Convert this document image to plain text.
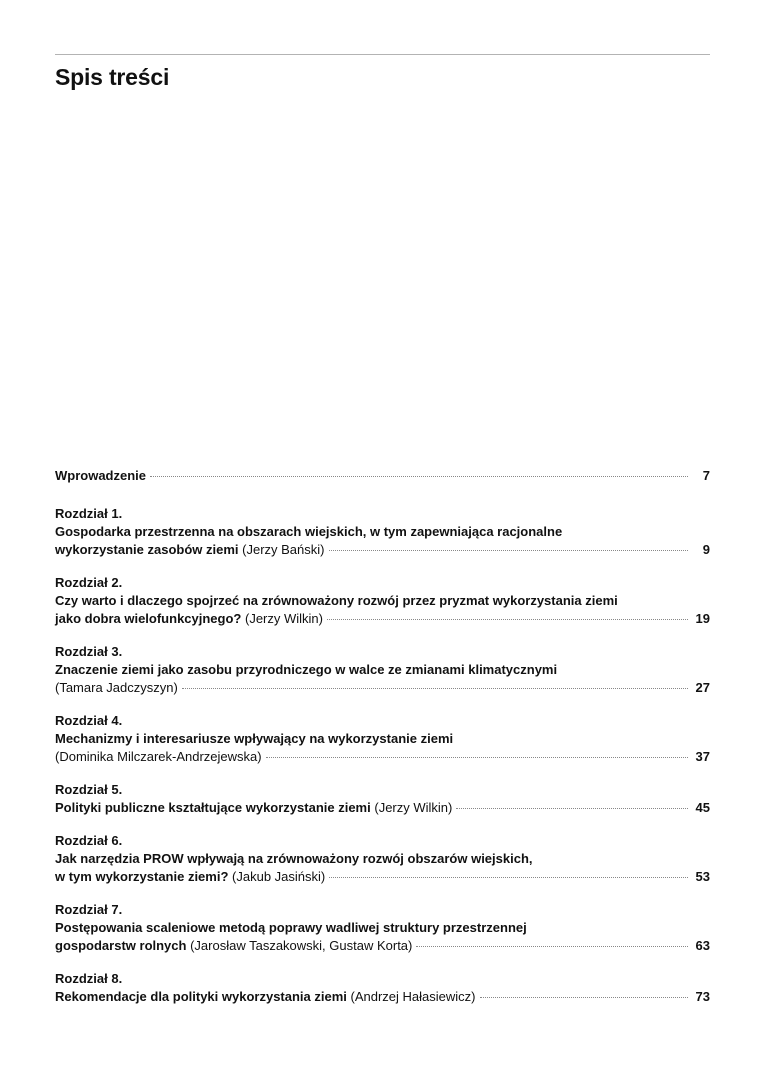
Spis treści
Wprowadzenie	7
Rozdział 1.
Gospodarka przestrzenna na obszarach wiejskich, w tym zapewniająca racjonalne
wykorzystanie zasobów ziemi (Jerzy Bański)	9
Rozdział 2.
Czy warto i dlaczego spojrzeć na zrównoważony rozwój przez pryzmat wykorzystania ziemi
jako dobra wielofunkcyjnego? (Jerzy Wilkin)	19
Rozdział 3.
Znaczenie ziemi jako zasobu przyrodniczego w walce ze zmianami klimatycznymi
(Tamara Jadczyszyn)	27
Rozdział 4.
Mechanizmy i interesariusze wpływający na wykorzystanie ziemi
(Dominika Milczarek-Andrzejewska)	37
Rozdział 5.
Polityki publiczne kształtujące wykorzystanie ziemi (Jerzy Wilkin)	45
Rozdział 6.
Jak narzędzia PROW wpływają na zrównoważony rozwój obszarów wiejskich,
w tym wykorzystanie ziemi? (Jakub Jasiński)	53
Rozdział 7.
Postępowania scaleniowe metodą poprawy wadliwej struktury przestrzennej
gospodarstw rolnych (Jarosław Taszakowski, Gustaw Korta)	63
Rozdział 8.
Rekomendacje dla polityki wykorzystania ziemi (Andrzej Hałasiewicz)	73
